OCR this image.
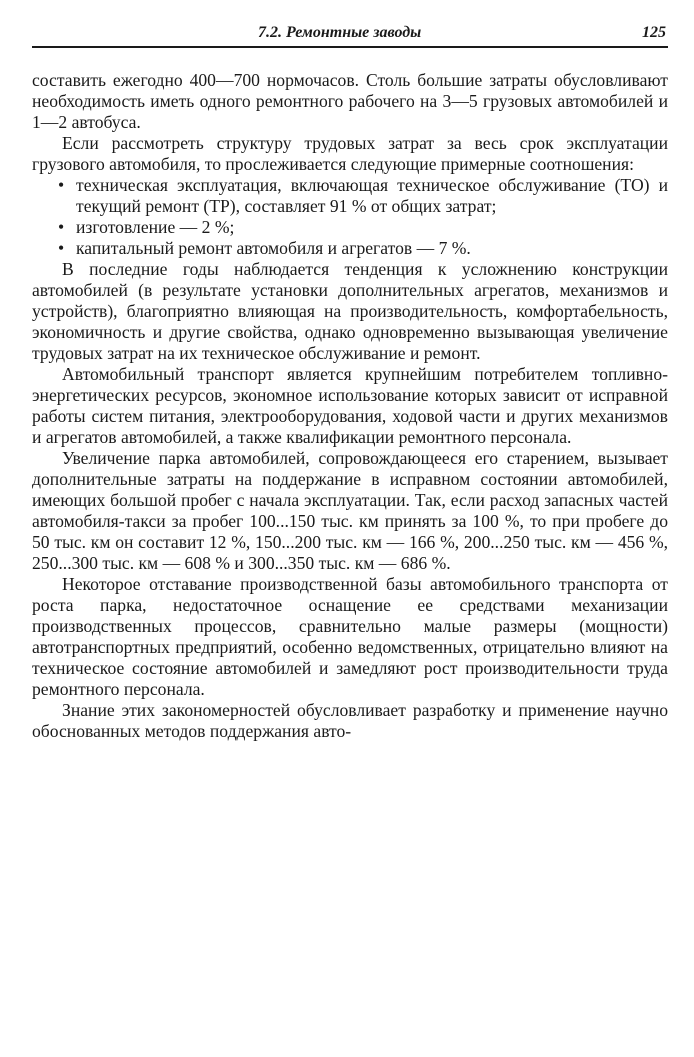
7.2. Ремонтные заводы	125

составить ежегодно 400—700 нормочасов. Столь большие затраты обусловливают необходимость иметь одного ремонтного рабочего на 3—5 грузовых автомобилей и 1—2 автобуса.

Если рассмотреть структуру трудовых затрат за весь срок эксплуатации грузового автомобиля, то прослеживается следующие примерные соотношения:

• техническая эксплуатация, включающая техническое обслуживание (ТО) и текущий ремонт (ТР), составляет 91 % от общих затрат;
• изготовление — 2 %;
• капитальный ремонт автомобиля и агрегатов — 7 %.

В последние годы наблюдается тенденция к усложнению конструкции автомобилей (в результате установки дополнительных агрегатов, механизмов и устройств), благоприятно влияющая на производительность, комфортабельность, экономичность и другие свойства, однако одновременно вызывающая увеличение трудовых затрат на их техническое обслуживание и ремонт.

Автомобильный транспорт является крупнейшим потребителем топливно-энергетических ресурсов, экономное использование которых зависит от исправной работы систем питания, электрооборудования, ходовой части и других механизмов и агрегатов автомобилей, а также квалификации ремонтного персонала.

Увеличение парка автомобилей, сопровождающееся его старением, вызывает дополнительные затраты на поддержание в исправном состоянии автомобилей, имеющих большой пробег с начала эксплуатации. Так, если расход запасных частей автомобиля-такси за пробег 100...150 тыс. км принять за 100 %, то при пробеге до 50 тыс. км он составит 12 %, 150...200 тыс. км — 166 %, 200...250 тыс. км — 456 %, 250...300 тыс. км — 608 % и 300...350 тыс. км — 686 %.

Некоторое отставание производственной базы автомобильного транспорта от роста парка, недостаточное оснащение ее средствами механизации производственных процессов, сравнительно малые размеры (мощности) автотранспортных предприятий, особенно ведомственных, отрицательно влияют на техническое состояние автомобилей и замедляют рост производительности труда ремонтного персонала.

Знание этих закономерностей обусловливает разработку и применение научно обоснованных методов поддержания авто-
